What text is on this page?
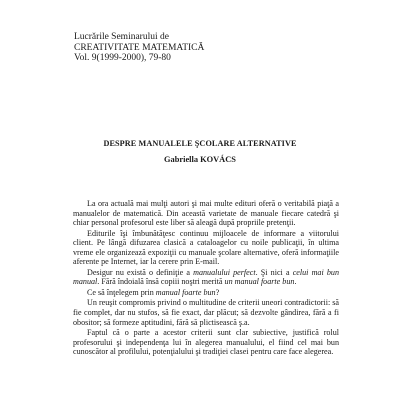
Lucrările Seminarului de
CREATIVITATE MATEMATICĂ
Vol. 9(1999-2000), 79-80
DESPRE MANUALELE ŞCOLARE ALTERNATIVE
Gabriella KOVÁCS

La ora actuală mai mulţi autori şi mai multe edituri oferă o veritabilă piaţă a manualelor de matematică. Din această varietate de manuale fiecare catedră şi chiar personal profesorul este liber să aleagă după propriile pretenţii.

Editurile îşi îmbunătăţesc continuu mijloacele de informare a viitorului client. Pe lângă difuzarea clasică a cataloagelor cu noile publicaţii, în ultima vreme ele organizează expoziţii cu manuale şcolare alternative, oferă informaţiile aferente pe Internet, iar la cerere prin E-mail.

Desigur nu există o definiţie a manualului perfect. Şi nici a celui mai bun manual. Fără îndoială însă copiii noştri merită un manual foarte bun.

Ce să înţelegem prin manual foarte bun?

Un reuşit compromis privind o multitudine de criterii uneori contradictorii: să fie complet, dar nu stufos, să fie exact, dar plăcut; să dezvolte gândirea, fără a fi obositor; să formeze aptitudini, fără să plictisească ş.a.

Faptul că o parte a acestor criterii sunt clar subiective, justifică rolul profesorului şi independenţa lui în alegerea manualului, el fiind cel mai bun cunoscător al profilului, potenţialului şi tradiţiei clasei pentru care face alegerea.
